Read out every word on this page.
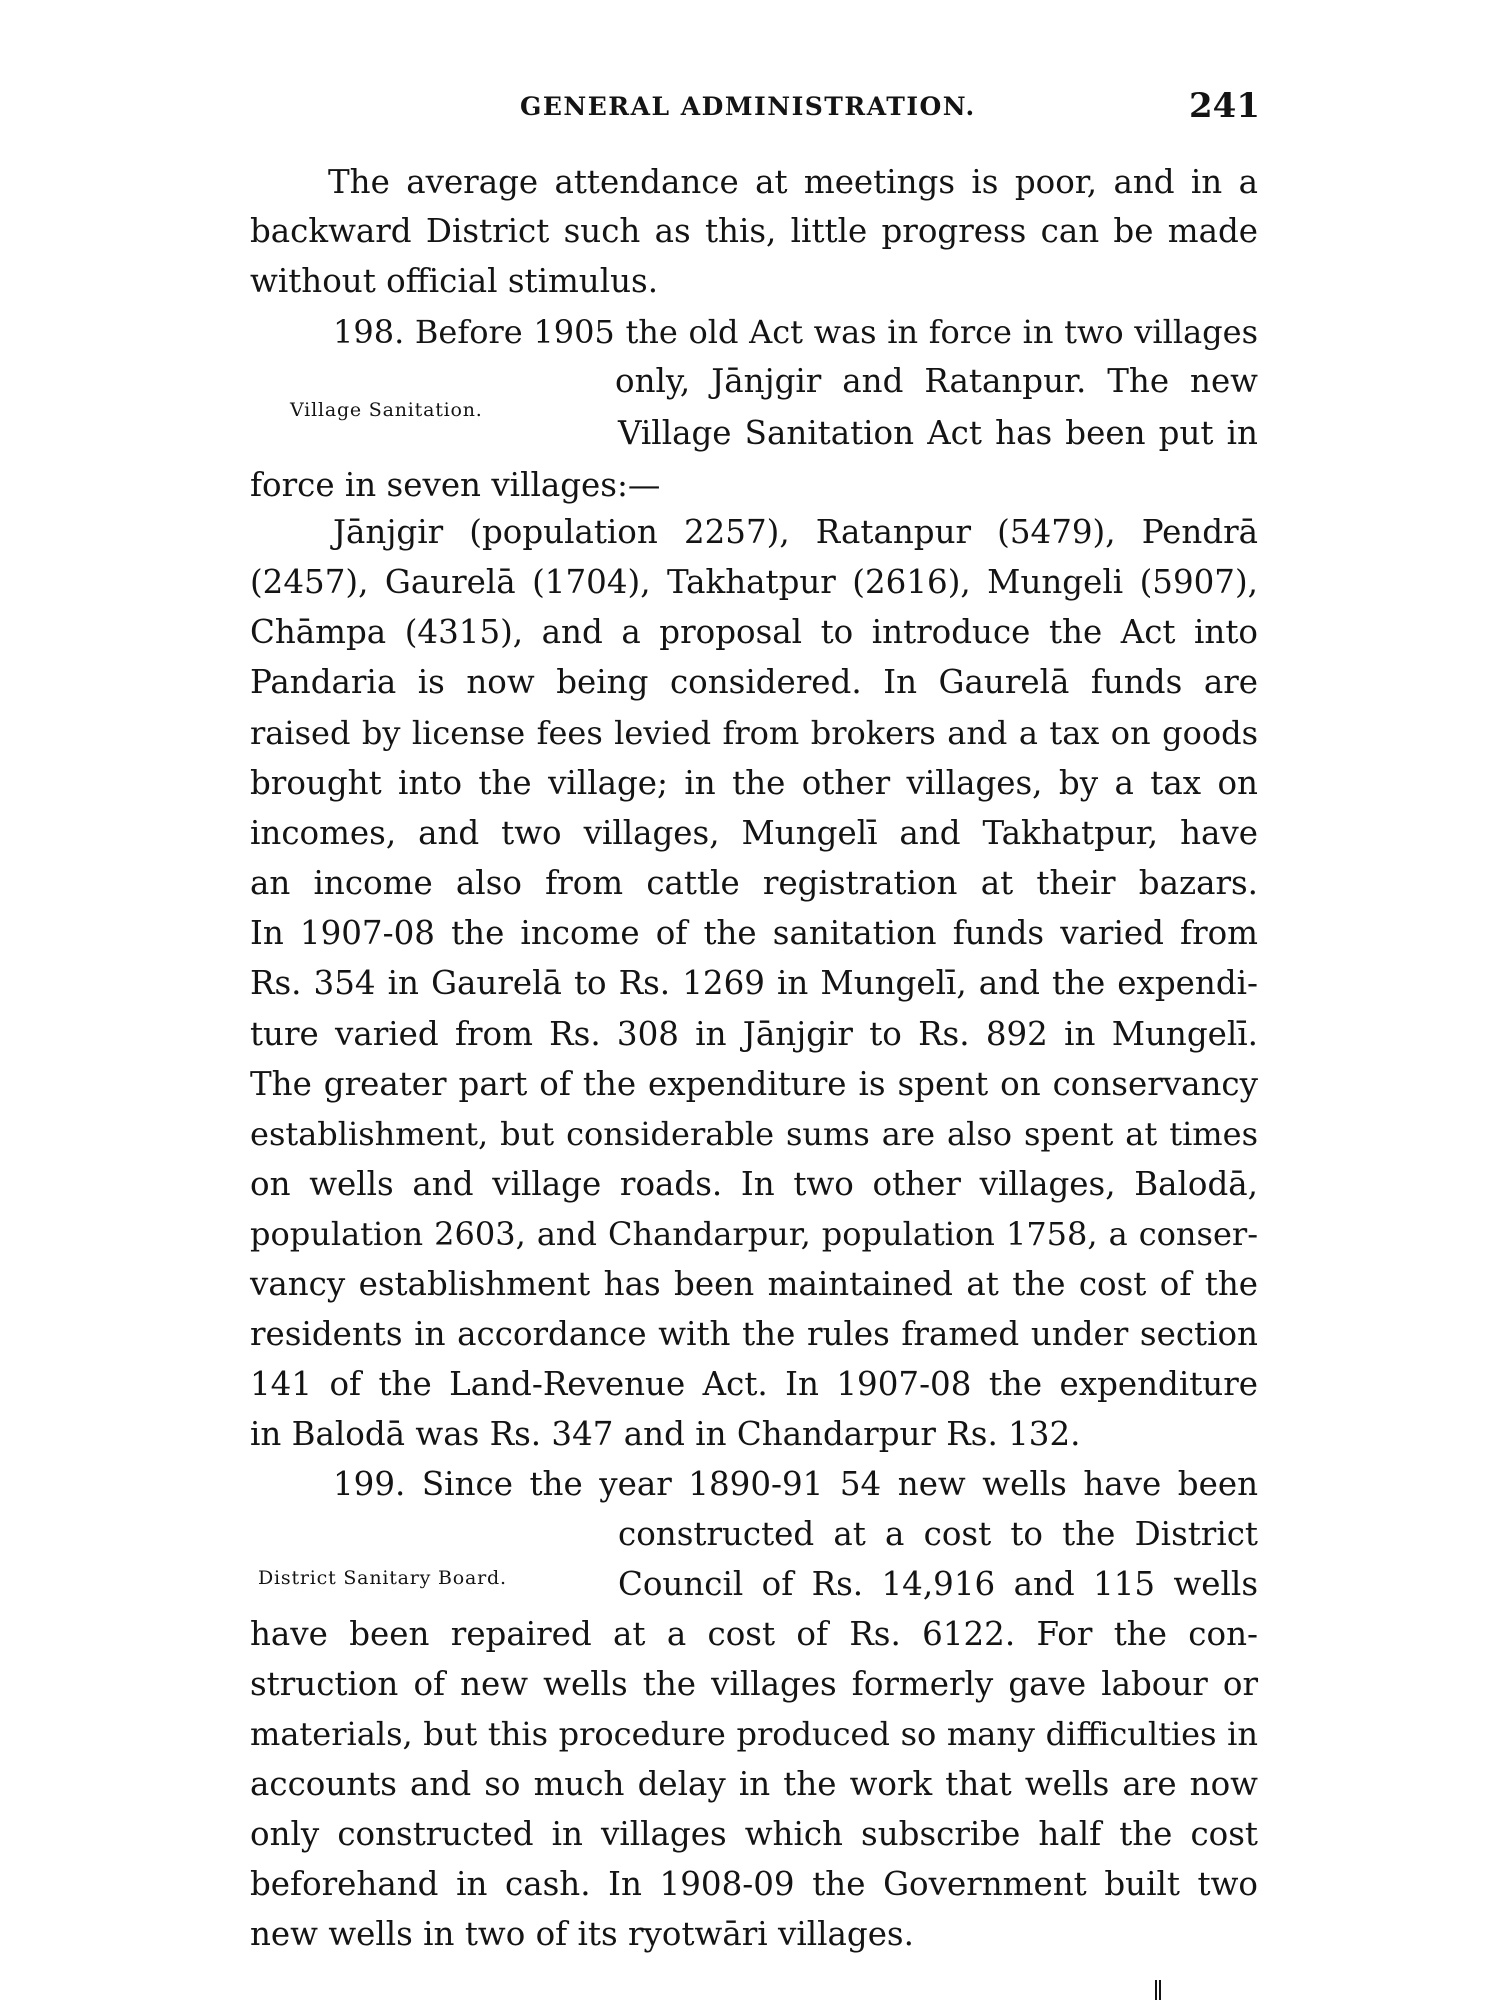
GENERAL ADMINISTRATION.	241
Village Sanitation.
District Sanitary Board.
The average attendance at meetings is poor, and in a
backward District such as this, little progress can be made
without official stimulus.
198. Before 1905 the old Act was in force in two villages
only, Jānjgir and Ratanpur. The new
Village Sanitation Act has been put in
force in seven villages:—
Jānjgir (population 2257), Ratanpur (5479), Pendrā
(2457), Gaurelā (1704), Takhatpur (2616), Mungeli (5907),
Chāmpa (4315), and a proposal to introduce the Act into
Pandaria is now being considered. In Gaurelā funds are
raised by license fees levied from brokers and a tax on goods
brought into the village; in the other villages, by a tax on
incomes, and two villages, Mungelī and Takhatpur, have
an income also from cattle registration at their bazars.
In 1907-08 the income of the sanitation funds varied from
Rs. 354 in Gaurelā to Rs. 1269 in Mungelī, and the expendi-
ture varied from Rs. 308 in Jānjgir to Rs. 892 in Mungelī.
The greater part of the expenditure is spent on conservancy
establishment, but considerable sums are also spent at times
on wells and village roads. In two other villages, Balodā,
population 2603, and Chandarpur, population 1758, a conser-
vancy establishment has been maintained at the cost of the
residents in accordance with the rules framed under section
141 of the Land-Revenue Act. In 1907-08 the expenditure
in Balodā was Rs. 347 and in Chandarpur Rs. 132.
199. Since the year 1890-91 54 new wells have been
constructed at a cost to the District
Council of Rs. 14,916 and 115 wells
have been repaired at a cost of Rs. 6122. For the con-
struction of new wells the villages formerly gave labour or
materials, but this procedure produced so many difficulties in
accounts and so much delay in the work that wells are now
only constructed in villages which subscribe half the cost
beforehand in cash. In 1908-09 the Government built two
new wells in two of its ryotwāri villages.
